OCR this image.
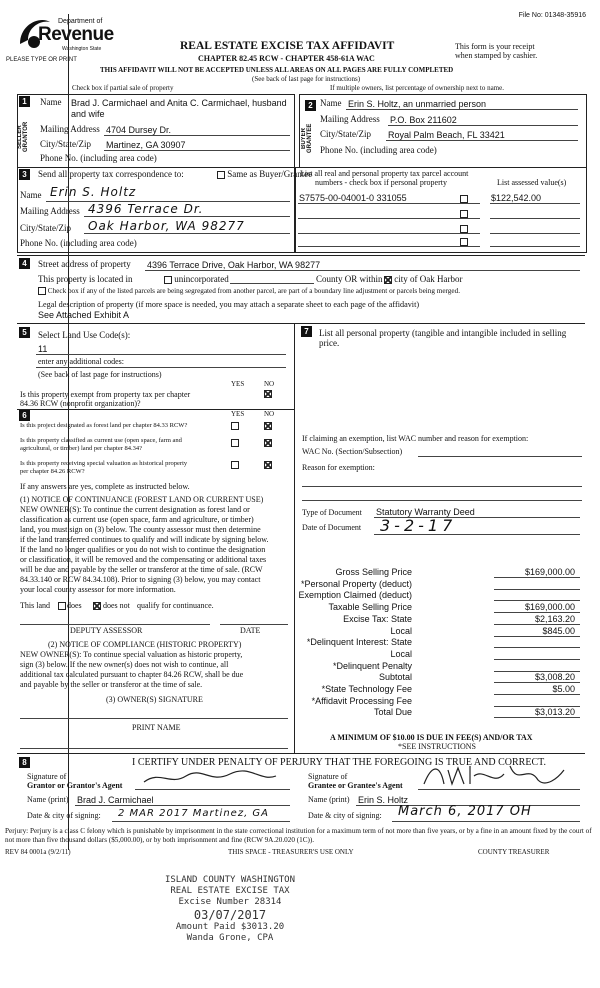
File No: 01348-35916
Department of
Revenue
Washington State
PLEASE TYPE OR PRINT
REAL ESTATE EXCISE TAX AFFIDAVIT
CHAPTER 82.45 RCW - CHAPTER 458-61A WAC
This form is your receipt
when stamped by cashier.
THIS AFFIDAVIT WILL NOT BE ACCEPTED UNLESS ALL AREAS ON ALL PAGES ARE FULLY COMPLETED
(See back of last page for instructions)
Check box if partial sale of property	If multiple owners, list percentage of ownership next to name.
1
SELLER GRANTOR
Name Brad J. Carmichael and Anita C. Carmichael, husband
and wife
Mailing Address 4704 Dursey Dr.
City/State/Zip Martinez, GA 30907
Phone No. (including area code)
2
BUYER GRANTEE
Name Erin S. Holtz, an unmarried person
Mailing Address P.O. Box 211602
City/State/Zip Royal Palm Beach, FL 33421
Phone No. (including area code)
3	Send all property tax correspondence to:	Same as Buyer/Grantee
Name Erin S. Holtz
Mailing Address 4396 Terrace Dr.
City/State/Zip Oak Harbor, WA 98277
Phone No. (including area code)
List all real and personal property tax parcel account
numbers - check box if personal property	List assessed value(s)
S7575-00-04001-0 331055	$122,542.00
4	Street address of property 4396 Terrace Drive, Oak Harbor, WA 98277
This property is located in	unincorporated	County OR within	city of Oak Harbor
Check box if any of the listed parcels are being segregated from another parcel, are part of a boundary line adjustment or parcels being merged.
Legal description of property (if more space is needed, you may attach a separate sheet to each page of the affidavit)
See Attached Exhibit A
5	Select Land Use Code(s):
11
enter any additional codes:
(See back of last page for instructions)
YES	NO
Is this property exempt from property tax per chapter
84.36 RCW (nonprofit organization)?
7	List all personal property (tangible and intangible included in selling
price.
6	YES	NO
Is this project designated as forest land per chapter 84.33 RCW?
Is this property classified as current use (open space, farm and
agricultural, or timber) land per chapter 84.34?
Is this property receiving special valuation as historical property
per chapter 84.26 RCW?
If any answers are yes, complete as instructed below.
(1) NOTICE OF CONTINUANCE (FOREST LAND OR CURRENT USE)
NEW OWNER(S): To continue the current designation as forest land or
classification as current use (open space, farm and agriculture, or timber)
land, you must sign on (3) below. The county assessor must then determine
if the land transferred continues to qualify and will indicate by signing below.
If the land no longer qualifies or you do not wish to continue the designation
or classification, it will be removed and the compensating or additional taxes
will be due and payable by the seller or transferor at the time of sale. (RCW
84.33.140 or RCW 84.34.108). Prior to signing (3) below, you may contact
your local county assessor for more information.
This land does	does not qualify for continuance.
DEPUTY ASSESSOR	DATE
(2) NOTICE OF COMPLIANCE (HISTORIC PROPERTY)
NEW OWNER(S): To continue special valuation as historic property,
sign (3) below. If the new owner(s) does not wish to continue, all
additional tax calculated pursuant to chapter 84.26 RCW, shall be due
and payable by the seller or transferor at the time of sale.
(3) OWNER(S) SIGNATURE
PRINT NAME
If claiming an exemption, list WAC number and reason for exemption:
WAC No. (Section/Subsection)
Reason for exemption:
Type of Document Statutory Warranty Deed
Date of Document 3-2-17
Gross Selling Price	$169,000.00
*Personal Property (deduct)
Exemption Claimed (deduct)
Taxable Selling Price	$169,000.00
Excise Tax: State	$2,163.20
Local	$845.00
*Delinquent Interest: State
Local
*Delinquent Penalty
Subtotal	$3,008.20
*State Technology Fee	$5.00
*Affidavit Processing Fee
Total Due	$3,013.20
A MINIMUM OF $10.00 IS DUE IN FEE(S) AND/OR TAX
*SEE INSTRUCTIONS
8	I CERTIFY UNDER PENALTY OF PERJURY THAT THE FOREGOING IS TRUE AND CORRECT.
Signature of
Grantor or Grantor's Agent
Signature of
Grantee or Grantee's Agent
Name (print) Brad J. Carmichael	Name (print) Erin S. Holtz
Date & city of signing: 2 MAR 2017 Martinez, GA	Date & city of signing: March 6, 2017 OH
Perjury: Perjury is a class C felony which is punishable by imprisonment in the state correctional institution for a maximum term of not more than five years, or by a fine in an amount fixed by the court of not more than five thousand dollars ($5,000.00), or by both imprisonment and fine (RCW 9A.20.020 (1C)).
REV 84 0001a (9/2/11)	THIS SPACE - TREASURER'S USE ONLY	COUNTY TREASURER
ISLAND COUNTY WASHINGTON
REAL ESTATE EXCISE TAX
Excise Number 28314
03/07/2017
Amount Paid $3013.20
Wanda Grone, CPA
